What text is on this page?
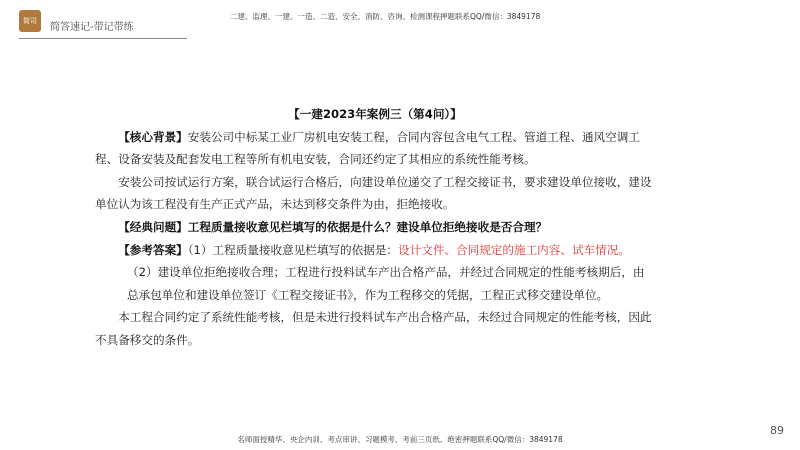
简司
简答速记-带记带练
二建、监理、一建、一造、二造、安全、消防、咨询、检测课程押题联系QQ/微信：3849178

【一建2023年案例三（第4问）】

【核心背景】安装公司中标某工业厂房机电安装工程，合同内容包含电气工程、管道工程、通风空调工程、设备安装及配套发电工程等所有机电安装，合同还约定了其相应的系统性能考核。

安装公司按试运行方案，联合试运行合格后，向建设单位递交了工程交接证书，要求建设单位接收，建设单位认为该工程没有生产正式产品，未达到移交条件为由，拒绝接收。

【经典问题】工程质量接收意见栏填写的依据是什么？建设单位拒绝接收是否合理？

【参考答案】（1）工程质量接收意见栏填写的依据是：设计文件、合同规定的施工内容、试车情况。

（2）建设单位拒绝接收合理；工程进行投料试车产出合格产品，并经过合同规定的性能考核期后，由总承包单位和建设单位签订《工程交接证书》，作为工程移交的凭据，工程正式移交建设单位。

本工程合同约定了系统性能考核，但是未进行投料试车产出合格产品，未经过合同规定的性能考核，因此不具备移交的条件。

89
名师面授精华、央企内训、考点串讲、习题模考、考前三页纸、绝密押题联系QQ/微信：3849178
